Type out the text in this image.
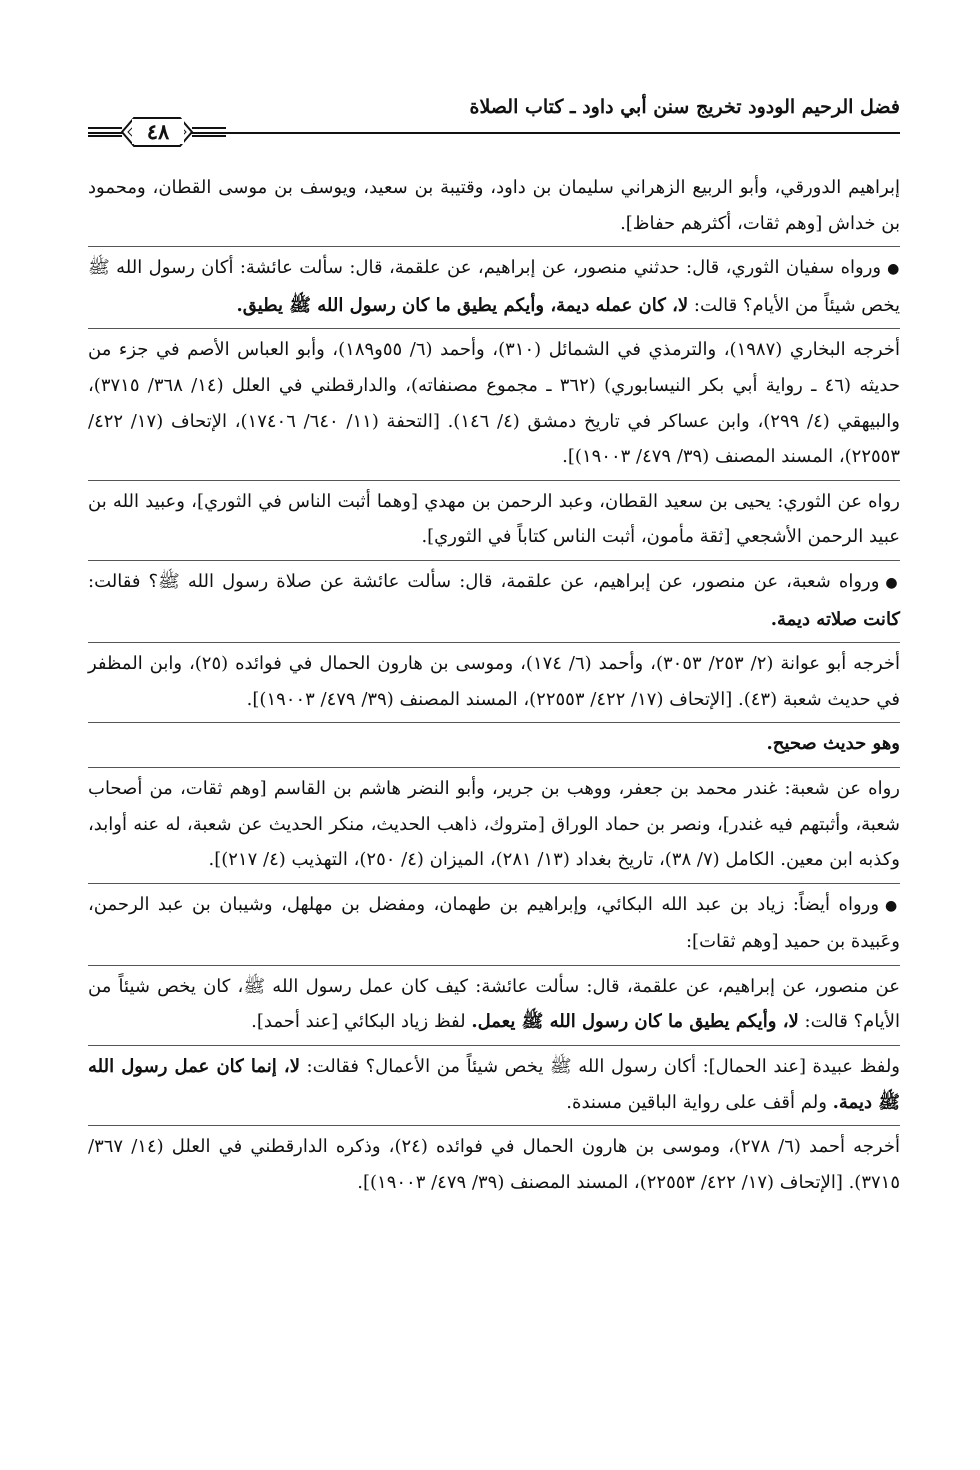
فضل الرحيم الودود تخريج سنن أبي داود ـ كتاب الصلاة
٤٨

إبراهيم الدورقي، وأبو الربيع الزهراني سليمان بن داود، وقتيبة بن سعيد، ويوسف بن موسى القطان، ومحمود بن خداش [وهم ثقات، أكثرهم حفاظ].

●ورواه سفيان الثوري، قال: حدثني منصور، عن إبراهيم، عن علقمة، قال: سألت عائشة: أكان رسول الله ﷺ يخص شيئاً من الأيام؟ قالت: لا، كان عمله ديمة، وأيكم يطيق ما كان رسول الله ﷺ يطيق.

أخرجه البخاري (١٩٨٧)، والترمذي في الشمائل (٣١٠)، وأحمد (٦/ ٥٥و١٨٩)، وأبو العباس الأصم في جزء من حديثه (٤٦ ـ رواية أبي بكر النيسابوري) (٣٦٢ ـ مجموع مصنفاته)، والدارقطني في العلل (١٤/ ٣٦٨/ ٣٧١٥)، والبيهقي (٤/ ٢٩٩)، وابن عساكر في تاريخ دمشق (٤/ ١٤٦). [التحفة (١١/ ٦٤٠/ ١٧٤٠٦)، الإتحاف (١٧/ ٤٢٢/ ٢٢٥٥٣)، المسند المصنف (٣٩/ ٤٧٩/ ١٩٠٠٣)].

رواه عن الثوري: يحيى بن سعيد القطان، وعبد الرحمن بن مهدي [وهما أثبت الناس في الثوري]، وعبيد الله بن عبيد الرحمن الأشجعي [ثقة مأمون، أثبت الناس كتاباً في الثوري].

●ورواه شعبة، عن منصور، عن إبراهيم، عن علقمة، قال: سألت عائشة عن صلاة رسول الله ﷺ؟ فقالت: كانت صلاته ديمة.

أخرجه أبو عوانة (٢/ ٢٥٣/ ٣٠٥٣)، وأحمد (٦/ ١٧٤)، وموسى بن هارون الحمال في فوائده (٢٥)، وابن المظفر في حديث شعبة (٤٣). [الإتحاف (١٧/ ٤٢٢/ ٢٢٥٥٣)، المسند المصنف (٣٩/ ٤٧٩/ ١٩٠٠٣)].

وهو حديث صحيح.

رواه عن شعبة: غندر محمد بن جعفر، ووهب بن جرير، وأبو النضر هاشم بن القاسم [وهم ثقات، من أصحاب شعبة، وأثبتهم فيه غندر]، ونصر بن حماد الوراق [متروك، ذاهب الحديث، منكر الحديث عن شعبة، له عنه أوابد، وكذبه ابن معين. الكامل (٧/ ٣٨)، تاريخ بغداد (١٣/ ٢٨١)، الميزان (٤/ ٢٥٠)، التهذيب (٤/ ٢١٧)].

●ورواه أيضاً: زياد بن عبد الله البكائي، وإبراهيم بن طهمان، ومفضل بن مهلهل، وشيبان بن عبد الرحمن، وعَبيدة بن حميد [وهم ثقات]:

عن منصور، عن إبراهيم، عن علقمة، قال: سألت عائشة: كيف كان عمل رسول الله ﷺ، كان يخص شيئاً من الأيام؟ قالت: لا، وأيكم يطيق ما كان رسول الله ﷺ يعمل. لفظ زياد البكائي [عند أحمد].

ولفظ عبيدة [عند الحمال]: أكان رسول الله ﷺ يخص شيئاً من الأعمال؟ فقالت: لا، إنما كان عمل رسول الله ﷺ ديمة. ولم أقف على رواية الباقين مسندة.

أخرجه أحمد (٦/ ٢٧٨)، وموسى بن هارون الحمال في فوائده (٢٤)، وذكره الدارقطني في العلل (١٤/ ٣٦٧/ ٣٧١٥). [الإتحاف (١٧/ ٤٢٢/ ٢٢٥٥٣)، المسند المصنف (٣٩/ ٤٧٩/ ١٩٠٠٣)].
